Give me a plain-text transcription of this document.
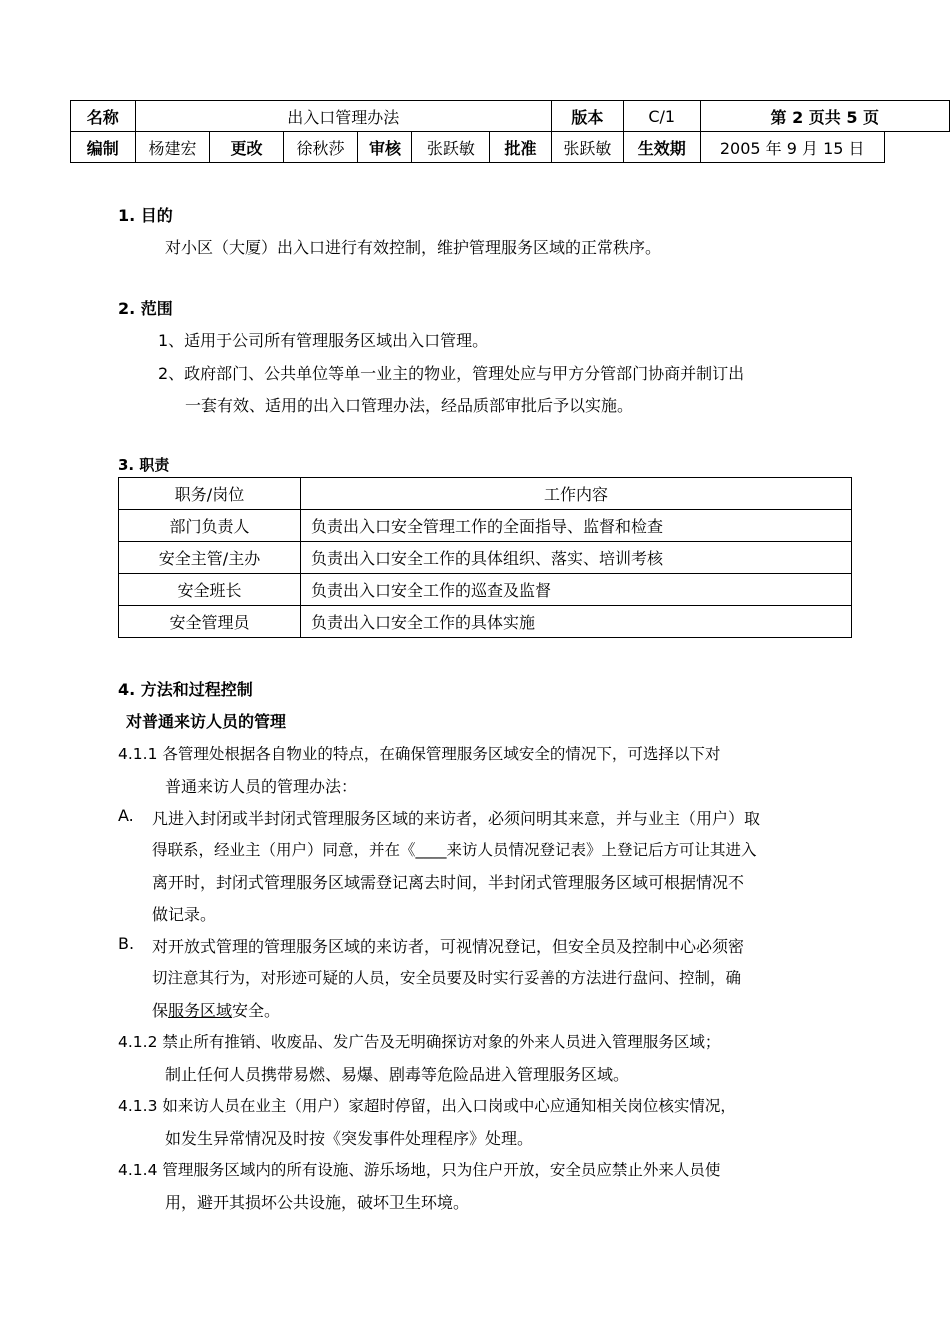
名称	出入口管理办法						版本	C/1	第 2 页共 5 页	
编制	杨建宏	更改	徐秋莎	审核	张跃敏	批准	张跃敏	生效期	2005 年 9 月 15 日	
1. 目的
对小区（大厦）出入口进行有效控制，维护管理服务区域的正常秩序。
2. 范围
1、适用于公司所有管理服务区域出入口管理。
2、政府部门、公共单位等单一业主的物业，管理处应与甲方分管部门协商并制订出
一套有效、适用的出入口管理办法，经品质部审批后予以实施。
3. 职责
职务/岗位	工作内容
部门负责人	负责出入口安全管理工作的全面指导、监督和检查
安全主管/主办	负责出入口安全工作的具体组织、落实、培训考核
安全班长	负责出入口安全工作的巡查及监督
安全管理员	负责出入口安全工作的具体实施
4. 方法和过程控制
对普通来访人员的管理
4.1.1 各管理处根据各自物业的特点，在确保管理服务区域安全的情况下，可选择以下对
普通来访人员的管理办法：
A. 凡进入封闭或半封闭式管理服务区域的来访者，必须问明其来意，并与业主（用户）取
得联系，经业主（用户）同意，并在《____来访人员情况登记表》上登记后方可让其进入
离开时，封闭式管理服务区域需登记离去时间，半封闭式管理服务区域可根据情况不
做记录。
B. 对开放式管理的管理服务区域的来访者，可视情况登记，但安全员及控制中心必须密
切注意其行为，对形迹可疑的人员，安全员要及时实行妥善的方法进行盘问、控制，确
保服务区域安全。
4.1.2 禁止所有推销、收废品、发广告及无明确探访对象的外来人员进入管理服务区域；
制止任何人员携带易燃、易爆、剧毒等危险品进入管理服务区域。
4.1.3 如来访人员在业主（用户）家超时停留，出入口岗或中心应通知相关岗位核实情况，
如发生异常情况及时按《突发事件处理程序》处理。
4.1.4 管理服务区域内的所有设施、游乐场地，只为住户开放，安全员应禁止外来人员使
用，避开其损坏公共设施，破坏卫生环境。
